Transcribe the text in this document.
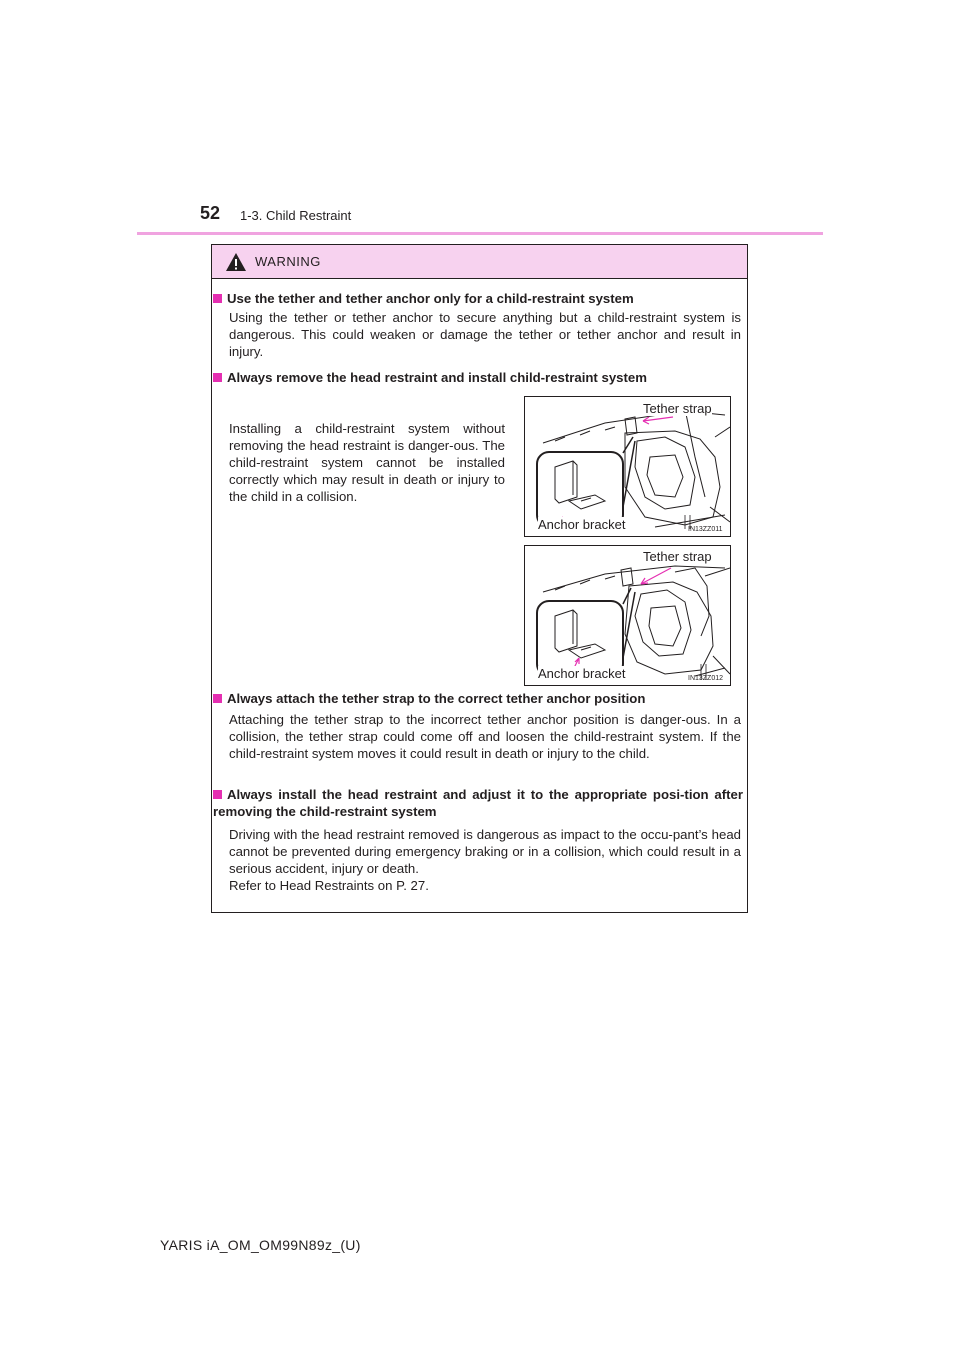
52 1-3. Child Restraint
WARNING
Use the tether and tether anchor only for a child-restraint system
Using the tether or tether anchor to secure anything but a child-restraint system is dangerous. This could weaken or damage the tether or tether anchor and result in injury.
Always remove the head restraint and install child-restraint system
Installing a child-restraint system without removing the head restraint is danger-ous. The child-restraint system cannot be installed correctly which may result in death or injury to the child in a collision.
Tether strap
Anchor bracket	IN13ZZ011
Tether strap
Anchor bracket	IN13ZZ012
Always attach the tether strap to the correct tether anchor position
Attaching the tether strap to the incorrect tether anchor position is danger-ous. In a collision, the tether strap could come off and loosen the child-restraint system. If the child-restraint system moves it could result in death or injury to the child.
Always install the head restraint and adjust it to the appropriate posi-tion after removing the child-restraint system
Driving with the head restraint removed is dangerous as impact to the occu-pant’s head cannot be prevented during emergency braking or in a collision, which could result in a serious accident, injury or death.
Refer to Head Restraints on P. 27.
YARIS iA_OM_OM99N89z_(U)
